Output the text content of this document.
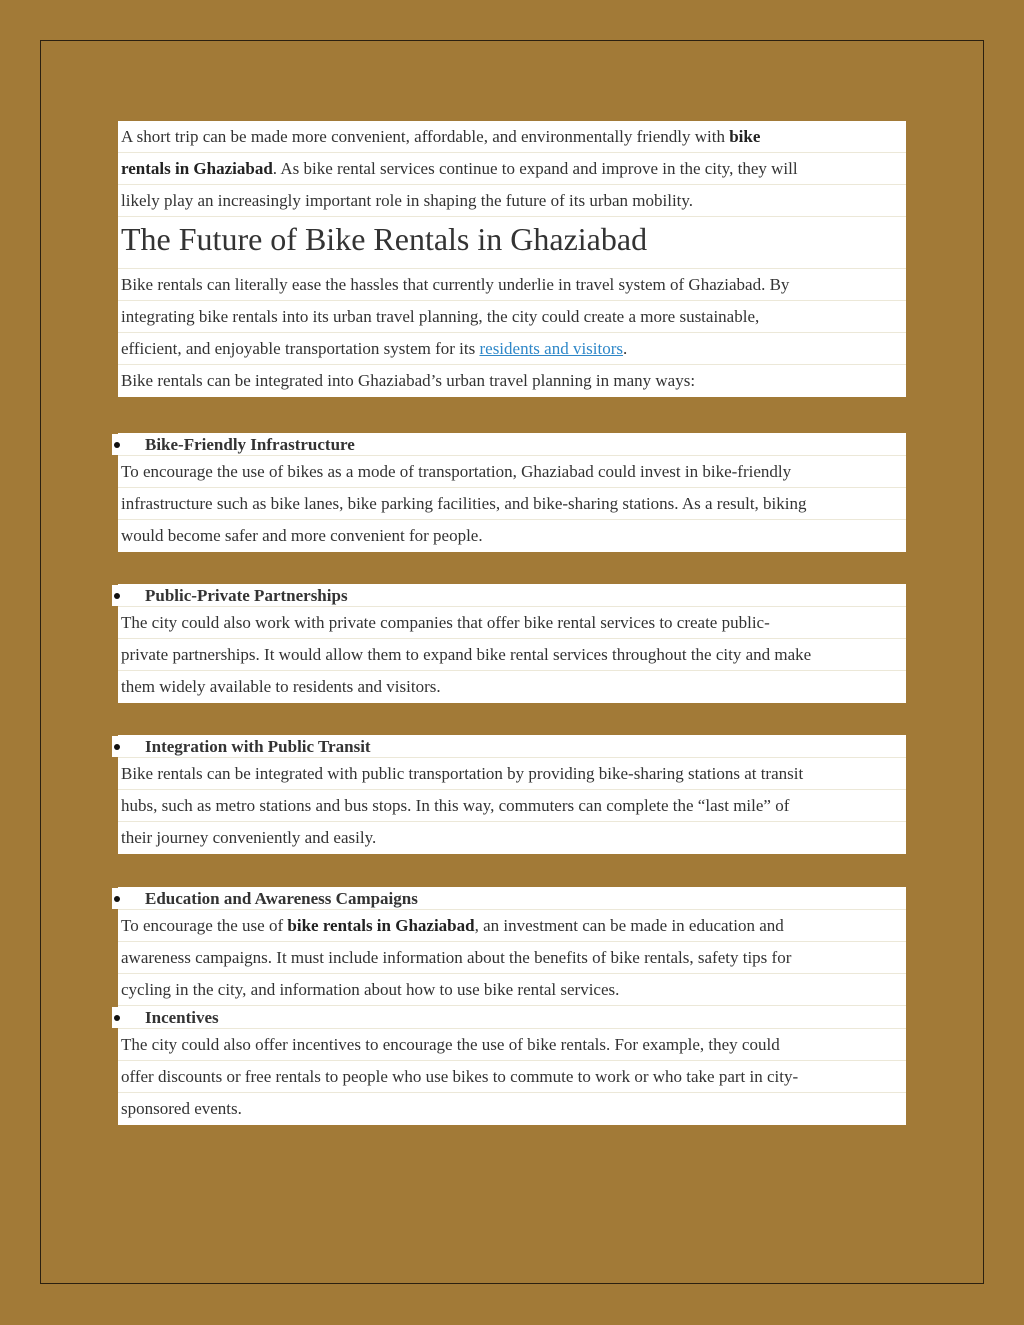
A short trip can be made more convenient, affordable, and environmentally friendly with bike
rentals in Ghaziabad. As bike rental services continue to expand and improve in the city, they will
likely play an increasingly important role in shaping the future of its urban mobility.
The Future of Bike Rentals in Ghaziabad
Bike rentals can literally ease the hassles that currently underlie in travel system of Ghaziabad. By
integrating bike rentals into its urban travel planning, the city could create a more sustainable,
efficient, and enjoyable transportation system for its residents and visitors.
Bike rentals can be integrated into Ghaziabad’s urban travel planning in many ways:
Bike-Friendly Infrastructure
To encourage the use of bikes as a mode of transportation, Ghaziabad could invest in bike-friendly
infrastructure such as bike lanes, bike parking facilities, and bike-sharing stations. As a result, biking
would become safer and more convenient for people.
Public-Private Partnerships
The city could also work with private companies that offer bike rental services to create public-
private partnerships. It would allow them to expand bike rental services throughout the city and make
them widely available to residents and visitors.
Integration with Public Transit
Bike rentals can be integrated with public transportation by providing bike-sharing stations at transit
hubs, such as metro stations and bus stops. In this way, commuters can complete the “last mile” of
their journey conveniently and easily.
Education and Awareness Campaigns
To encourage the use of bike rentals in Ghaziabad, an investment can be made in education and
awareness campaigns. It must include information about the benefits of bike rentals, safety tips for
cycling in the city, and information about how to use bike rental services.
Incentives
The city could also offer incentives to encourage the use of bike rentals. For example, they could
offer discounts or free rentals to people who use bikes to commute to work or who take part in city-
sponsored events.
